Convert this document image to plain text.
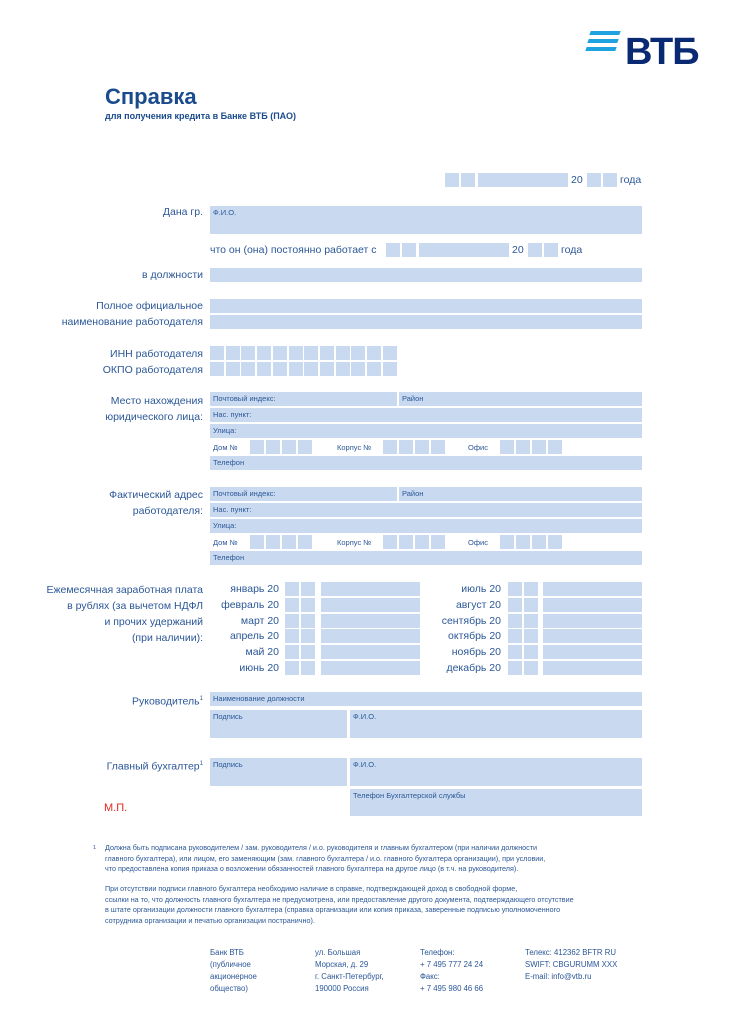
ВТБ
Справка
для получения кредита в Банке ВТБ (ПАО)
20	года
Дана гр. Ф.И.О.
что он (она) постоянно работает с	20	года
в должности
Полное официальное
наименование работодателя
ИНН работодателя
ОКПО работодателя
Место нахождения
юридического лица:
Почтовый индекс:	Район
Нас. пункт:
Улица:
Дом №	Корпус №	Офис
Телефон
Фактический адрес
работодателя:
Почтовый индекс:	Район
Нас. пункт:
Улица:
Дом №	Корпус №	Офис
Телефон
Ежемесячная заработная плата
в рублях (за вычетом НДФЛ
и прочих удержаний
(при наличии):
январь 20	июль 20
февраль 20	август 20
март 20	сентябрь 20
апрель 20	октябрь 20
май 20	ноябрь 20
июнь 20	декабрь 20
Руководитель$^1$ Наименование должности
Подпись	Ф.И.О.
Главный бухгалтер$^1$ Подпись	Ф.И.О.
Телефон Бухгалтерской службы
М.П.
1 Должна быть подписана руководителем / зам. руководителя / и.о. руководителя и главным бухгалтером (при наличии должности
главного бухгалтера), или лицом, его заменяющим (зам. главного бухгалтера / и.о. главного бухгалтера организации), при условии,
что предоставлена копия приказа о возложении обязанностей главного бухгалтера на другое лицо (в т.ч. на руководителя).
При отсутствии подписи главного бухгалтера необходимо наличие в справке, подтверждающей доход в свободной форме,
ссылки на то, что должность главного бухгалтера не предусмотрена, или предоставление другого документа, подтверждающего отсутствие
в штате организации должности главного бухгалтера (справка организации или копия приказа, заверенные подписью уполномоченного
сотрудника организации и печатью организации постранично).
Банк ВТБ
(публичное
акционерное
общество)
ул. Большая
Морская, д. 29
г. Санкт-Петербург,
190000 Россия
Телефон:
+ 7 495 777 24 24
Факс:
+ 7 495 980 46 66
Телекс: 412362 BFTR RU
SWIFT: CBGURUMM XXX
E-mail: info@vtb.ru
